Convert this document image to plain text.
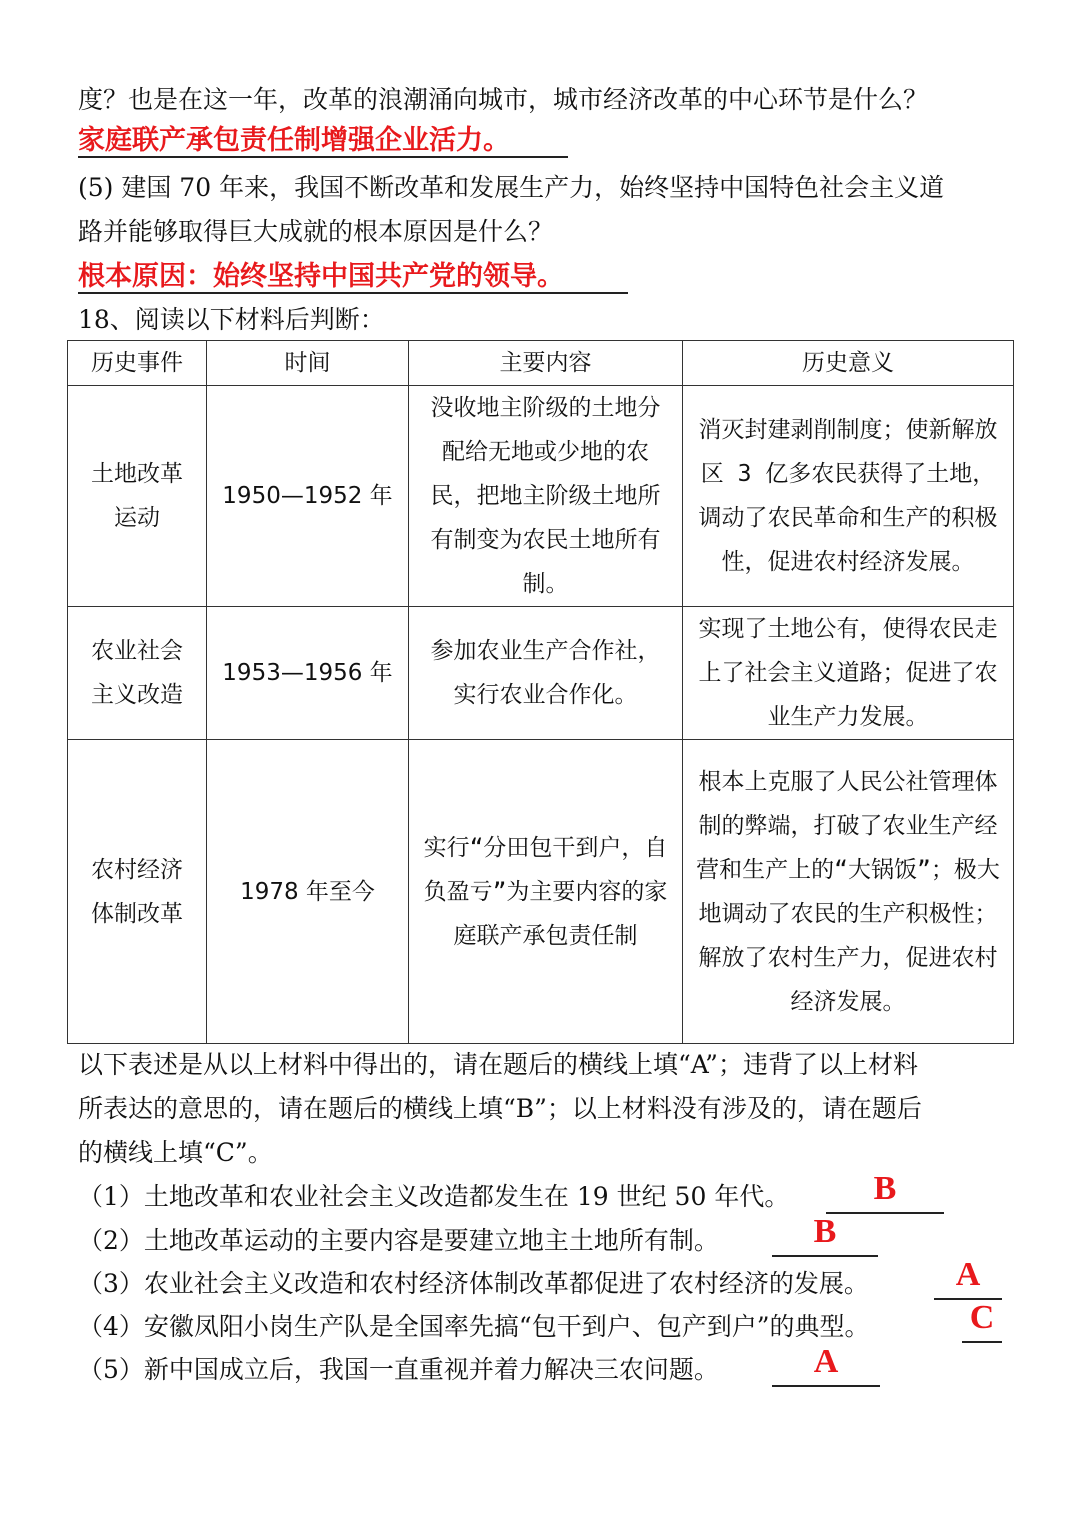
度？也是在这一年，改革的浪潮涌向城市，城市经济改革的中心环节是什么？
家庭联产承包责任制增强企业活力。
(5) 建国 70 年来，我国不断改革和发展生产力，始终坚持中国特色社会主义道
路并能够取得巨大成就的根本原因是什么？
根本原因：始终坚持中国共产党的领导。
18、阅读以下材料后判断：
历史事件	时间	主要内容	历史意义
土地改革运动	1950—1952 年	没收地主阶级的土地分配给无地或少地的农民，把地主阶级土地所有制变为农民土地所有制。	消灭封建剥削制度；使新解放区 3 亿多农民获得了土地，调动了农民革命和生产的积极性，促进农村经济发展。
农业社会主义改造	1953—1956 年	参加农业生产合作社，实行农业合作化。	实现了土地公有，使得农民走上了社会主义道路；促进了农业生产力发展。
农村经济体制改革	1978 年至今	实行“分田包干到户，自负盈亏”为主要内容的家庭联产承包责任制	根本上克服了人民公社管理体制的弊端，打破了农业生产经营和生产上的“大锅饭”；极大地调动了农民的生产积极性；解放了农村生产力，促进农村经济发展。
以下表述是从以上材料中得出的，请在题后的横线上填“A”；违背了以上材料
所表达的意思的，请在题后的横线上填“B”；以上材料没有涉及的，请在题后
的横线上填“C”。
（1）土地改革和农业社会主义改造都发生在 19 世纪 50 年代。	B
（2）土地改革运动的主要内容是要建立地主土地所有制。	B
（3）农业社会主义改造和农村经济体制改革都促进了农村经济的发展。	A
（4）安徽凤阳小岗生产队是全国率先搞“包干到户、包产到户”的典型。	C
（5）新中国成立后，我国一直重视并着力解决三农问题。	A
